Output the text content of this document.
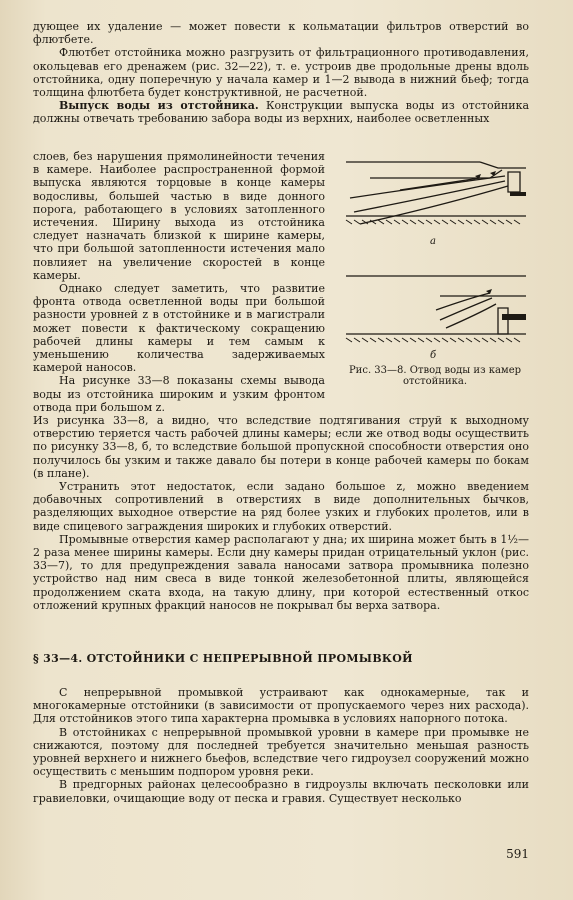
дующее их удаление — может повести к кольматации фильтров отверстий во флютбете.

Флютбет отстойника можно разгрузить от фильтрационного противодавления, окольцевав его дренажем (рис. 32—22), т. е. устроив две продольные дрены вдоль отстойника, одну поперечную у начала камер и 1—2 вывода в нижний бьеф; тогда толщина флютбета будет конструктивной, не расчетной.

Выпуск воды из отстойника. Конструкции выпуска воды из отстойника должны отвечать требованию забора воды из верхних, наиболее осветленных

слоев, без нарушения прямолинейности течения в камере. Наиболее распространенной формой выпуска являются торцовые в конце камеры водосливы, большей частью в виде донного порога, работающего в условиях затопленного истечения. Ширину выхода из отстойника следует назначать близкой к ширине камеры, что при большой затопленности истечения мало повлияет на увеличение скоростей в конце камеры.

Однако следует заметить, что развитие фронта отвода осветленной воды при большой разности уровней z в отстойнике и в магистрали может повести к фактическому сокращению рабочей длины камеры и тем самым к уменьшению количества задерживаемых камерой наносов.

На рисунке 33—8 показаны схемы вывода воды из отстойника широким и узким фронтом отвода при большом z.

Из рисунка 33—8, а видно, что вследствие подтягивания струй к выходному отверстию теряется часть рабочей длины камеры; если же отвод воды осуществить по рисунку 33—8, б, то вследствие большой пропускной способности отверстия оно получилось бы узким и также давало бы потери в конце рабочей камеры по бокам (в плане).

Устранить этот недостаток, если задано большое z, можно введением добавочных сопротивлений в отверстиях в виде дополнительных бычков, разделяющих выходное отверстие на ряд более узких и глубоких пролетов, или в виде спицевого заграждения широких и глубоких отверстий.

Промывные отверстия камер располагают у дна; их ширина может быть в 1½—2 раза менее ширины камеры. Если дну камеры придан отрицательный уклон (рис. 33—7), то для предупреждения завала наносами затвора промывника полезно устройство над ним свеса в виде тонкой железобетонной плиты, являющейся продолжением ската входа, на такую длину, при которой естественный откос отложений крупных фракций наносов не покрывал бы верха затвора.

а
б
Рис. 33—8. Отвод воды из камер отстойника.
§ 33—4. ОТСТОЙНИКИ С НЕПРЕРЫВНОЙ ПРОМЫВКОЙ

С непрерывной промывкой устраивают как однокамерные, так и многокамерные отстойники (в зависимости от пропускаемого через них расхода). Для отстойников этого типа характерна промывка в условиях напорного потока.

В отстойниках с непрерывной промывкой уровни в камере при промывке не снижаются, поэтому для последней требуется значительно меньшая разность уровней верхнего и нижнего бьефов, вследствие чего гидроузел сооружений можно осуществить с меньшим подпором уровня реки.

В предгорных районах целесообразно в гидроузлы включать песколовки или гравиеловки, очищающие воду от песка и гравия. Существует несколько

591
